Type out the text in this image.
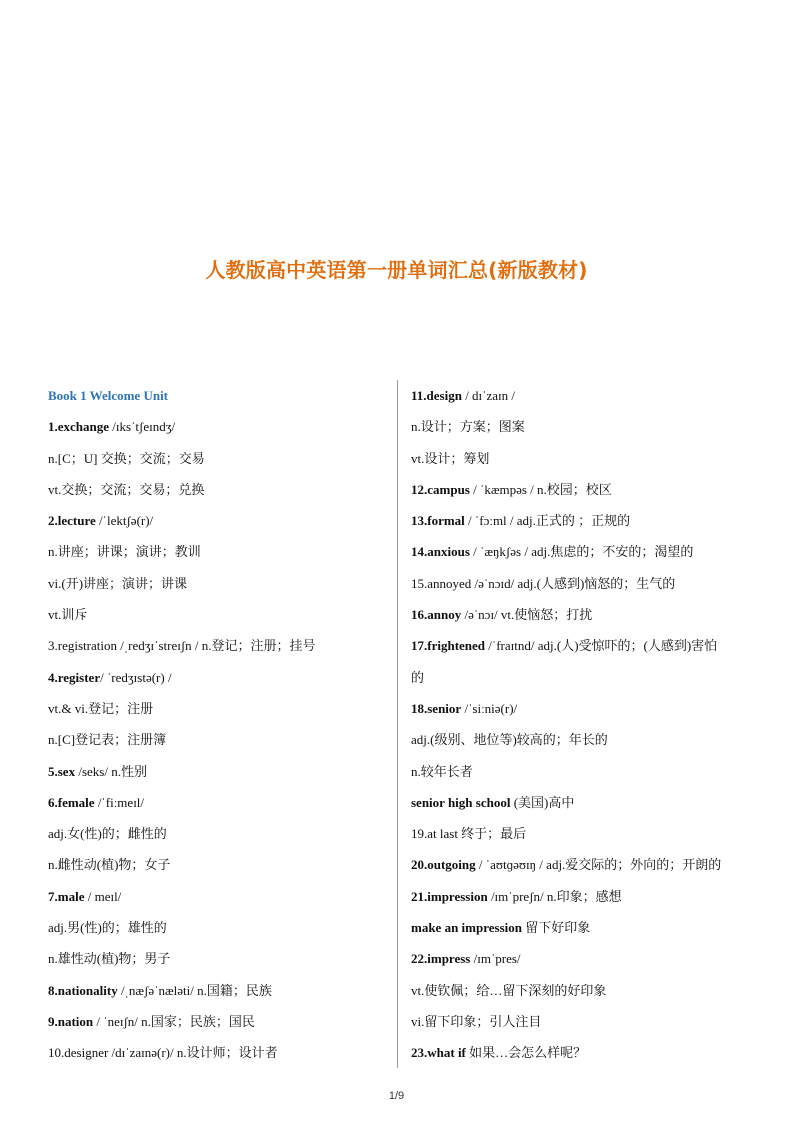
人教版高中英语第一册单词汇总(新版教材)
Book 1 Welcome Unit
1.exchange /ɪksˈtʃeɪndʒ/
n.[C；U] 交换；交流；交易
vt.交换；交流；交易；兑换
2.lecture /ˈlektʃə(r)/
n.讲座；讲课；演讲；教训
vi.(开)讲座；演讲；讲课
vt.训斥
3.registration /ˌredʒɪˈstreɪʃn / n.登记；注册；挂号
4.register/ ˈredʒɪstə(r) /
vt.& vi.登记；注册
n.[C]登记表；注册簿
5.sex /seks/ n.性别
6.female /ˈfiːmeɪl/
adj.女(性)的；雌性的
n.雌性动(植)物；女子
7.male / meɪl/
adj.男(性)的；雄性的
n.雄性动(植)物；男子
8.nationality /ˌnæʃəˈnæləti/ n.国籍；民族
9.nation / ˈneɪʃn/ n.国家；民族；国民
10.designer /dɪˈzaɪnə(r)/ n.设计师；设计者
11.design / dɪˈzaɪn /
n.设计；方案；图案
vt.设计；筹划
12.campus / ˈkæmpəs / n.校园；校区
13.formal / ˈfɔːml / adj.正式的 ；正规的
14.anxious / ˈæŋkʃəs / adj.焦虑的；不安的；渴望的
15.annoyed /əˈnɔɪd/ adj.(人感到)恼怒的；生气的
16.annoy /əˈnɔɪ/ vt.使恼怒；打扰
17.frightened /ˈfraɪtnd/ adj.(人)受惊吓的；(人感到)害怕
的
18.senior /ˈsiːniə(r)/
adj.(级别、地位等)较高的；年长的
n.较年长者
senior high school (美国)高中
19.at last 终于；最后
20.outgoing / ˈaʊtɡəʊɪŋ / adj.爱交际的；外向的；开朗的
21.impression /ɪmˈpreʃn/ n.印象；感想
make an impression 留下好印象
22.impress /ɪmˈpres/
vt.使钦佩；给…留下深刻的好印象
vi.留下印象；引人注目
23.what if 如果…会怎么样呢？
1/9
